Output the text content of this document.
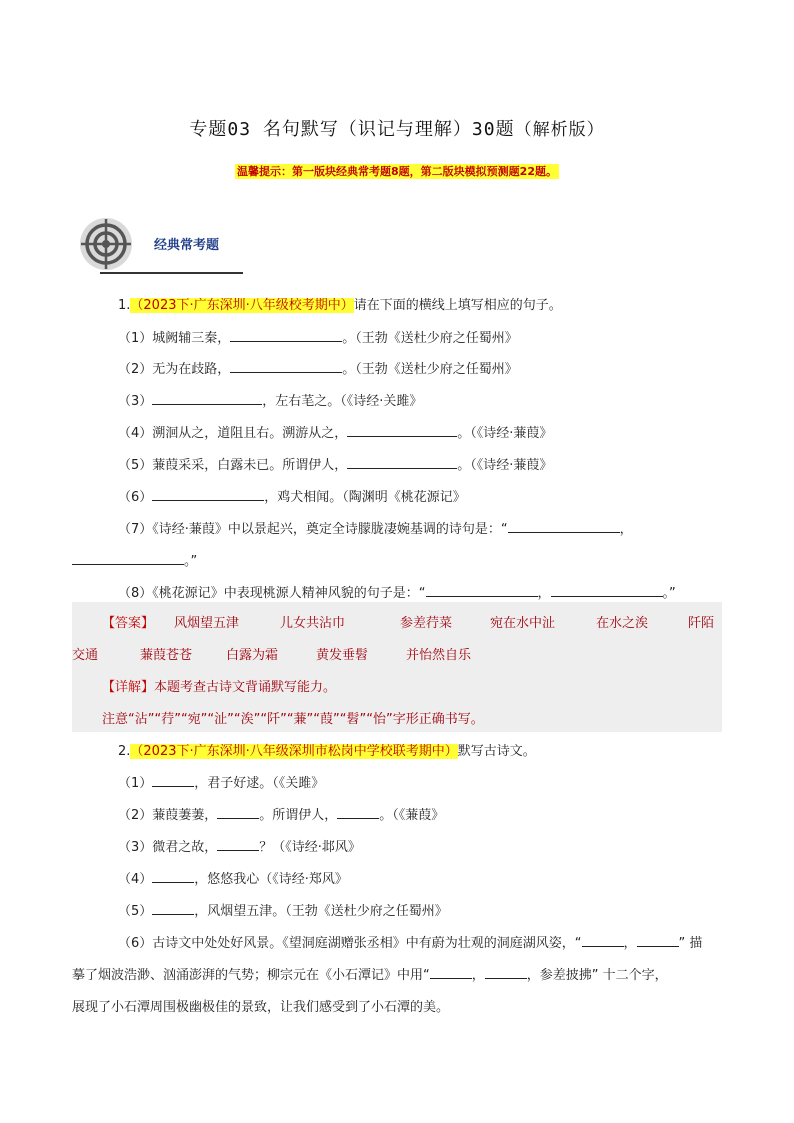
专题03 名句默写（识记与理解）30题（解析版）
温馨提示：第一版块经典常考题8题，第二版块模拟预测题22题。
经典常考题
1.（2023下·广东深圳·八年级校考期中）请在下面的横线上填写相应的句子。
（1）城阙辅三秦，	。（王勃《送杜少府之任蜀州》
（2）无为在歧路，	。（王勃《送杜少府之任蜀州》
（3）	，左右芼之。（《诗经·关雎》
（4）溯洄从之，道阻且右。溯游从之，	。（《诗经·蒹葭》
（5）蒹葭采采，白露未已。所谓伊人，	。（《诗经·蒹葭》
（6）	，鸡犬相闻。（陶渊明《桃花源记》
（7）《诗经·蒹葭》中以景起兴，奠定全诗朦胧凄婉基调的诗句是：“	，
。”
（8）《桃花源记》中表现桃源人精神风貌的句子是：“	，	。”
【答案】 风烟望五津	儿女共沾巾	参差荇菜	宛在水中沚	在水之涘	阡陌
交通	蒹葭苍苍	白露为霜	黄发垂髫	并怡然自乐
【详解】本题考查古诗文背诵默写能力。
注意“沾”“荇”“宛”“沚”“涘”“阡”“蒹”“葭”“髫”“怡”字形正确书写。
2.（2023下·广东深圳·八年级深圳市松岗中学校联考期中）默写古诗文。
（1）	，君子好逑。（《关雎》
（2）蒹葭萋萋，	。所谓伊人，	。（《蒹葭》
（3）微君之故，	？（《诗经·邶风》
（4）	，悠悠我心（《诗经·郑风》
（5）	，风烟望五津。（王勃《送杜少府之任蜀州》
（6）古诗文中处处好风景。《望洞庭湖赠张丞相》中有蔚为壮观的洞庭湖风姿，“	，	” 描
摹了烟波浩渺、汹涌澎湃的气势；柳宗元在《小石潭记》中用“	，	，参差披拂” 十二个字，
展现了小石潭周围极幽极佳的景致，让我们感受到了小石潭的美。
